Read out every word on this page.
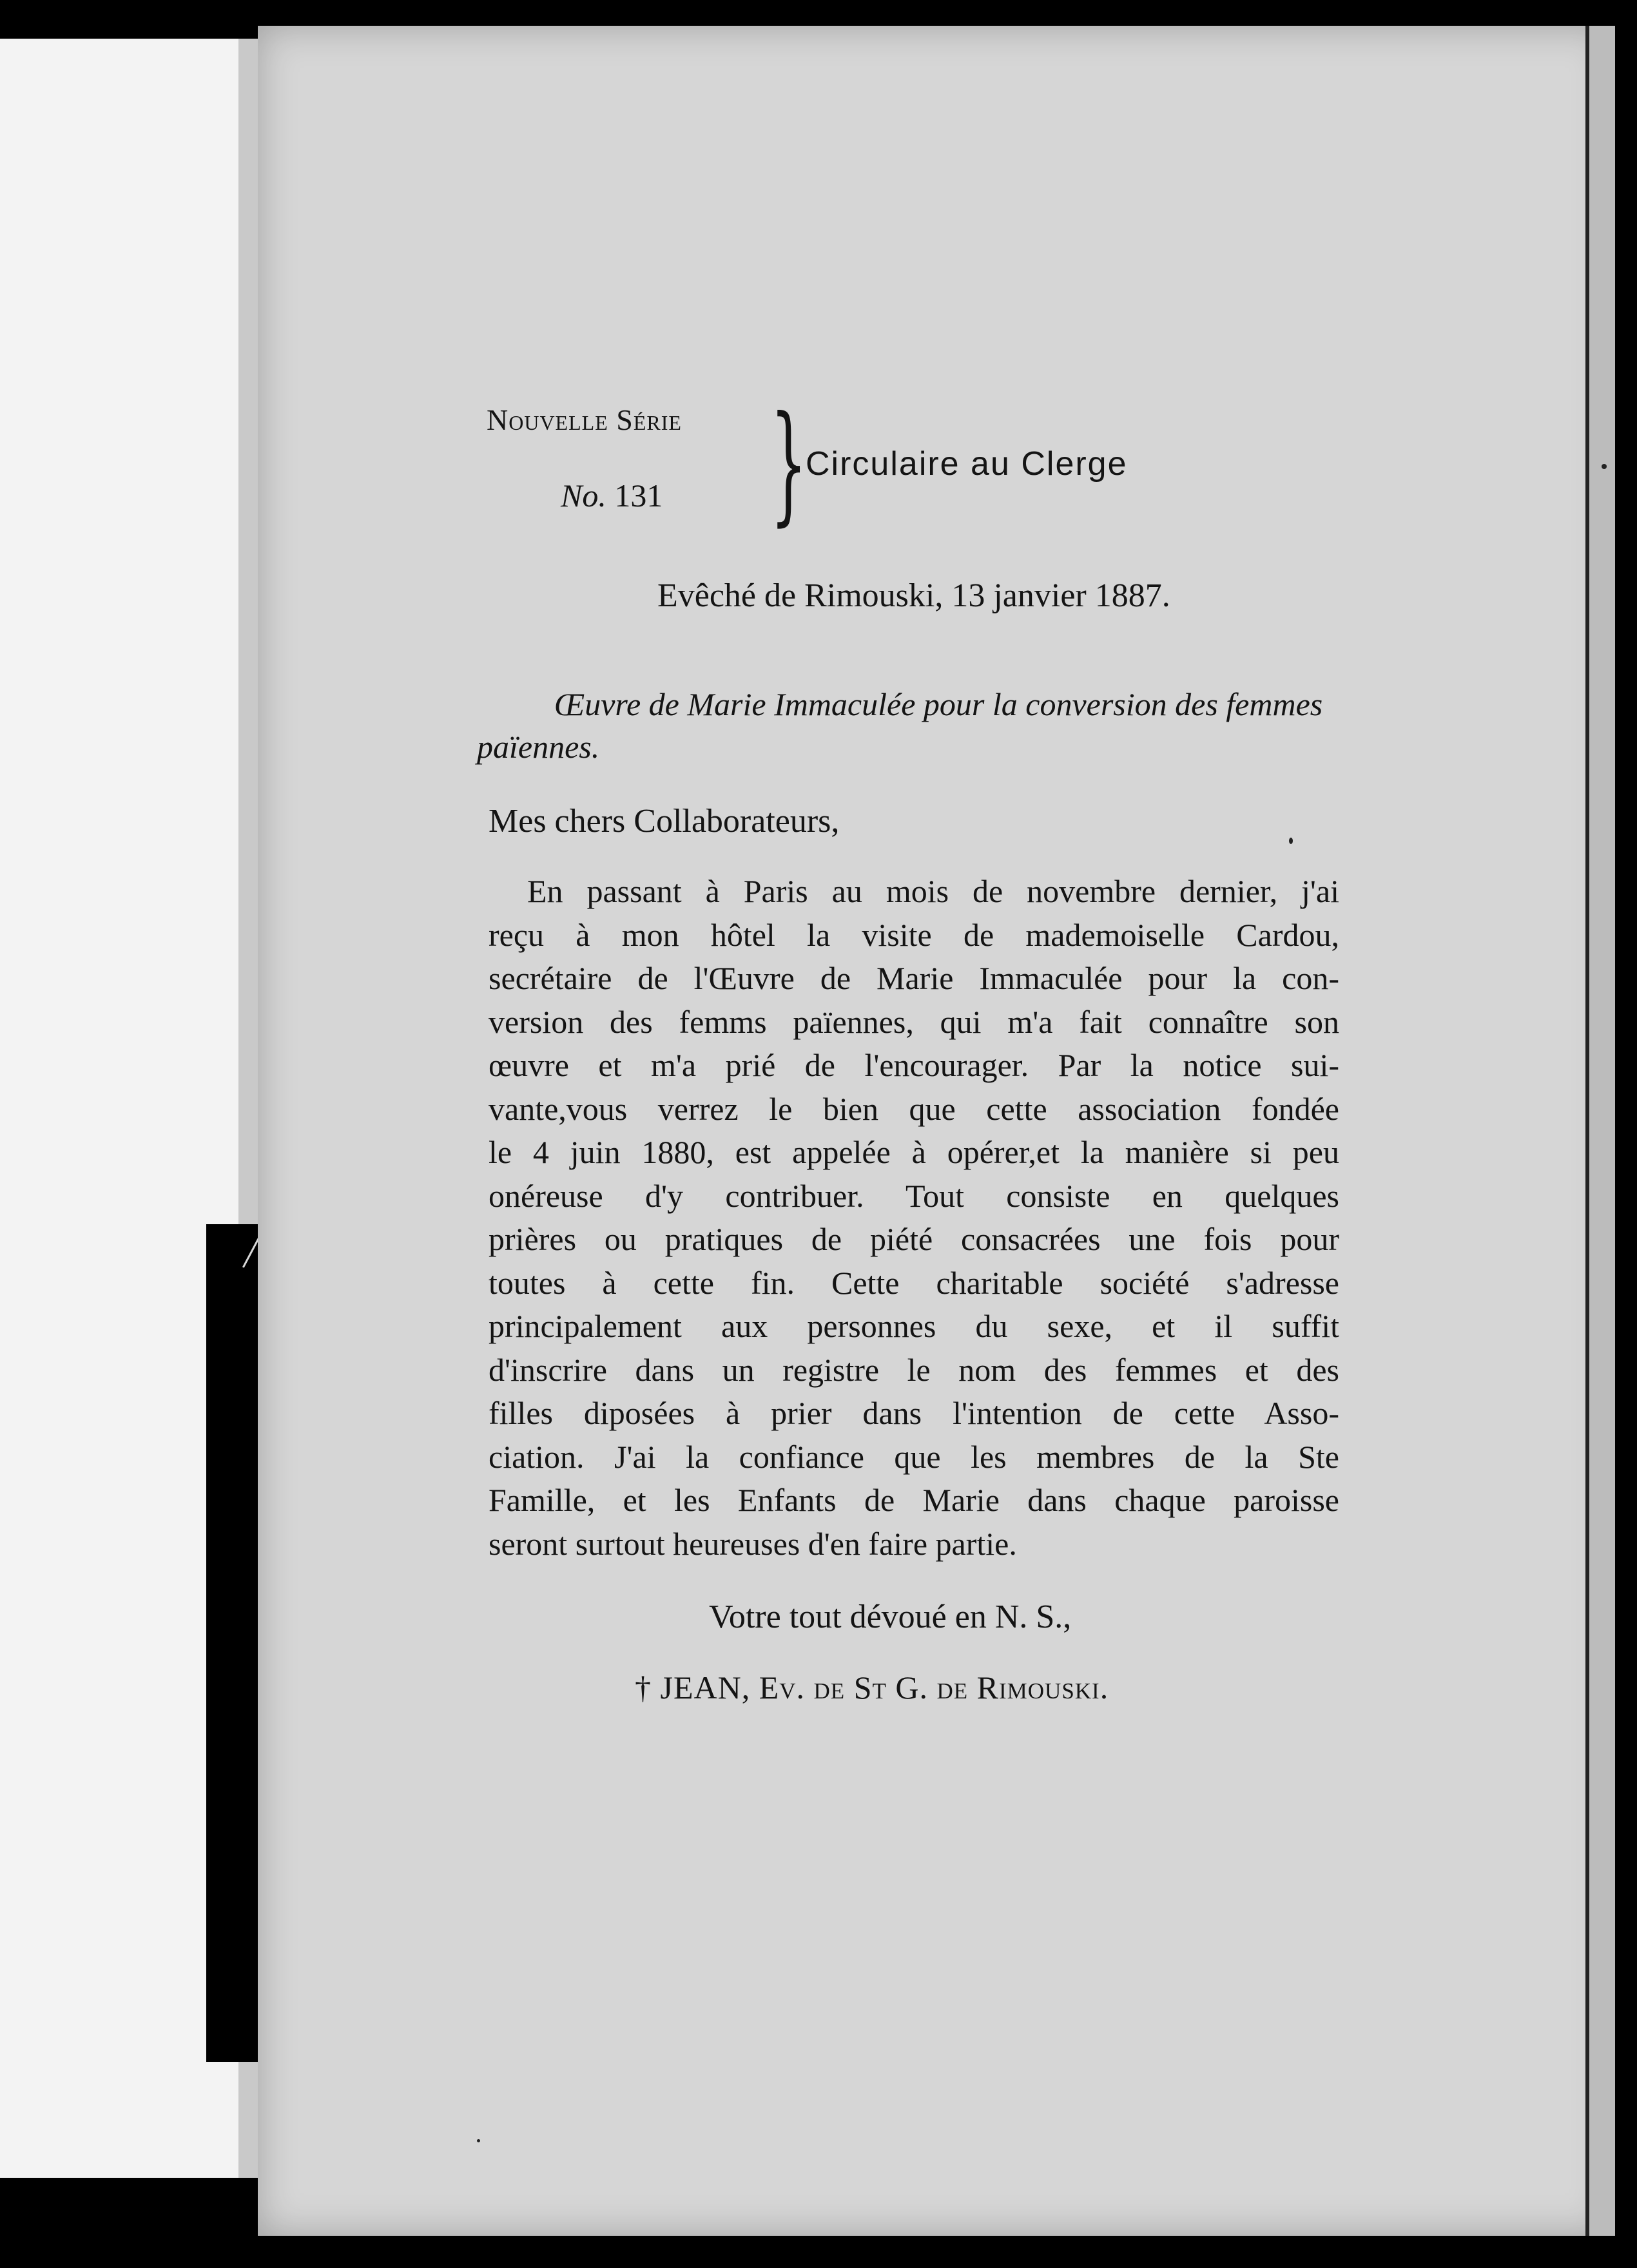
Nouvelle Série
No. 131 }
Circulaire au Clerge
Evêché de Rimouski, 13 janvier 1887.
Œuvre de Marie Immaculée pour la conversion des femmes païennes.
Mes chers Collaborateurs,
En passant à Paris au mois de novembre dernier, j'ai
reçu à mon hôtel la visite de mademoiselle Cardou,
secrétaire de l'Œuvre de Marie Immaculée pour la con-
version des femms païennes, qui m'a fait connaître son
œuvre et m'a prié de l'encourager. Par la notice sui-
vante,vous verrez le bien que cette association fondée
le 4 juin 1880, est appelée à opérer,et la manière si peu
onéreuse d'y contribuer. Tout consiste en quelques
prières ou pratiques de piété consacrées une fois pour
toutes à cette fin. Cette charitable société s'adresse
principalement aux personnes du sexe, et il suffit
d'inscrire dans un registre le nom des femmes et des
filles diposées à prier dans l'intention de cette Asso-
ciation. J'ai la confiance que les membres de la Ste
Famille, et les Enfants de Marie dans chaque paroisse
seront surtout heureuses d'en faire partie.
Votre tout dévoué en N. S.,
† JEAN, Ev. de St G. de Rimouski.
